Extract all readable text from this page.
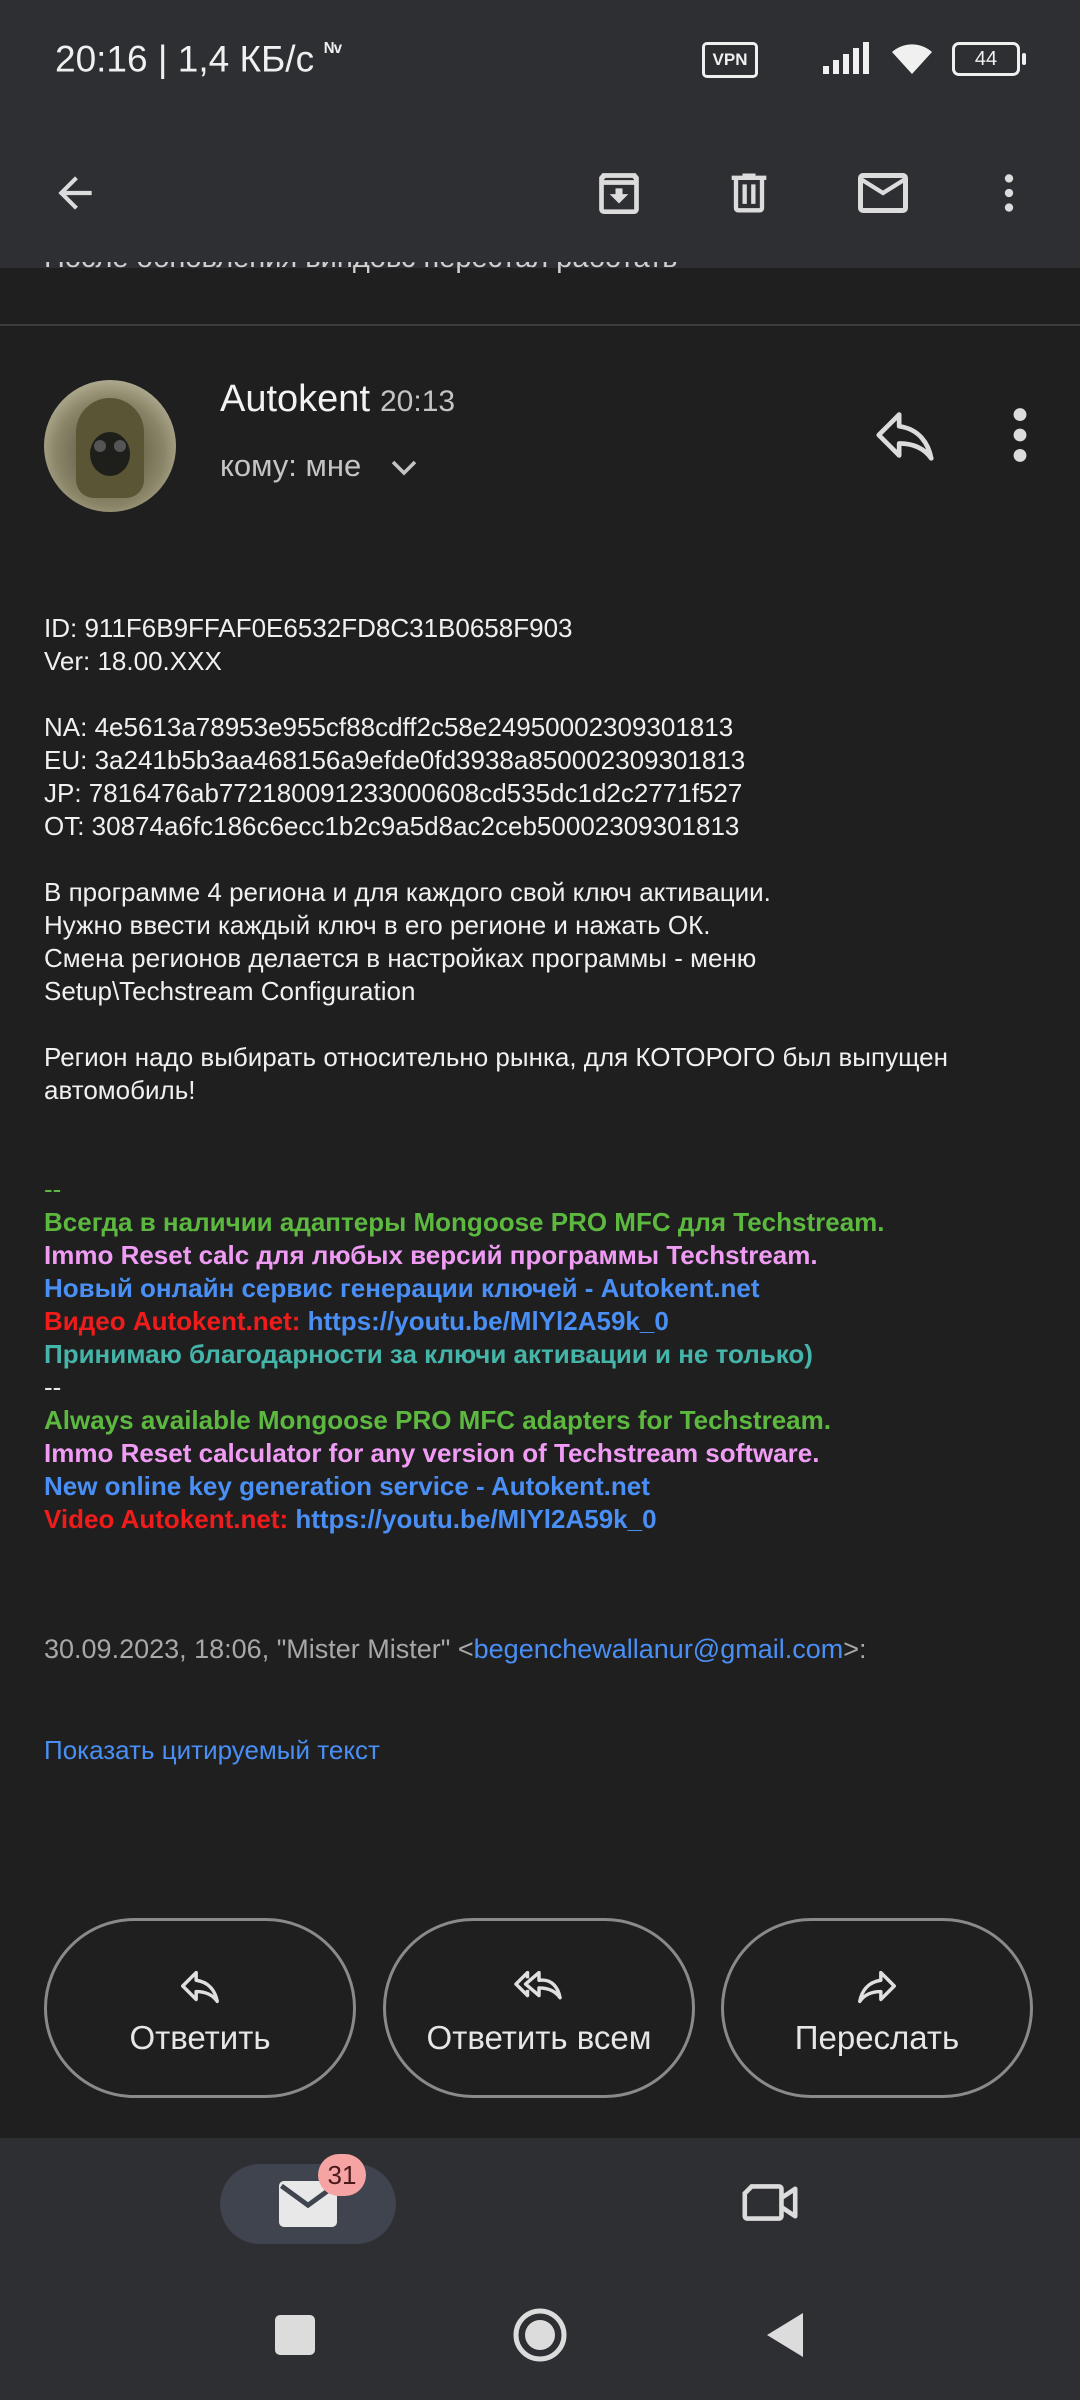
20:16 | 1,4 КБ/с $^{ᴺᵛ}$	VPN	44
Autokent 20:13
кому: мне
ID: 911F6B9FFAF0E6532FD8C31B0658F903
Ver: 18.00.XXX
NA: 4e5613a78953e955cf88cdff2c58e24950002309301813
EU: 3a241b5b3aa468156a9efde0fd3938a850002309301813
JP: 7816476ab772180091233000608cd535dc1d2c2771f527
OT: 30874a6fc186c6ecc1b2c9a5d8ac2ceb50002309301813
В программе 4 региона и для каждого свой ключ активации.
Нужно ввести каждый ключ в его регионе и нажать ОК.
Смена регионов делается в настройках программы - меню
Setup\Techstream Configuration
Регион надо выбирать относительно рынка, для КОТОРОГО был выпущен
автомобиль!
--
Всегда в наличии адаптеры Mongoose PRO MFC для Techstream.
Immo Reset calc для любых версий программы Techstream.
Новый онлайн сервис генерации ключей - Autokent.net
Видео Autokent.net: https://youtu.be/MlYl2A59k_0
Принимаю благодарности за ключи активации и не только)
--
Always available Mongoose PRO MFC adapters for Techstream.
Immo Reset calculator for any version of Techstream software.
New online key generation service - Autokent.net
Video Autokent.net: https://youtu.be/MlYl2A59k_0
30.09.2023, 18:06, "Mister Mister" <begenchewallanur@gmail.com>:
Показать цитируемый текст
Ответить	Ответить всем	Переслать
31
